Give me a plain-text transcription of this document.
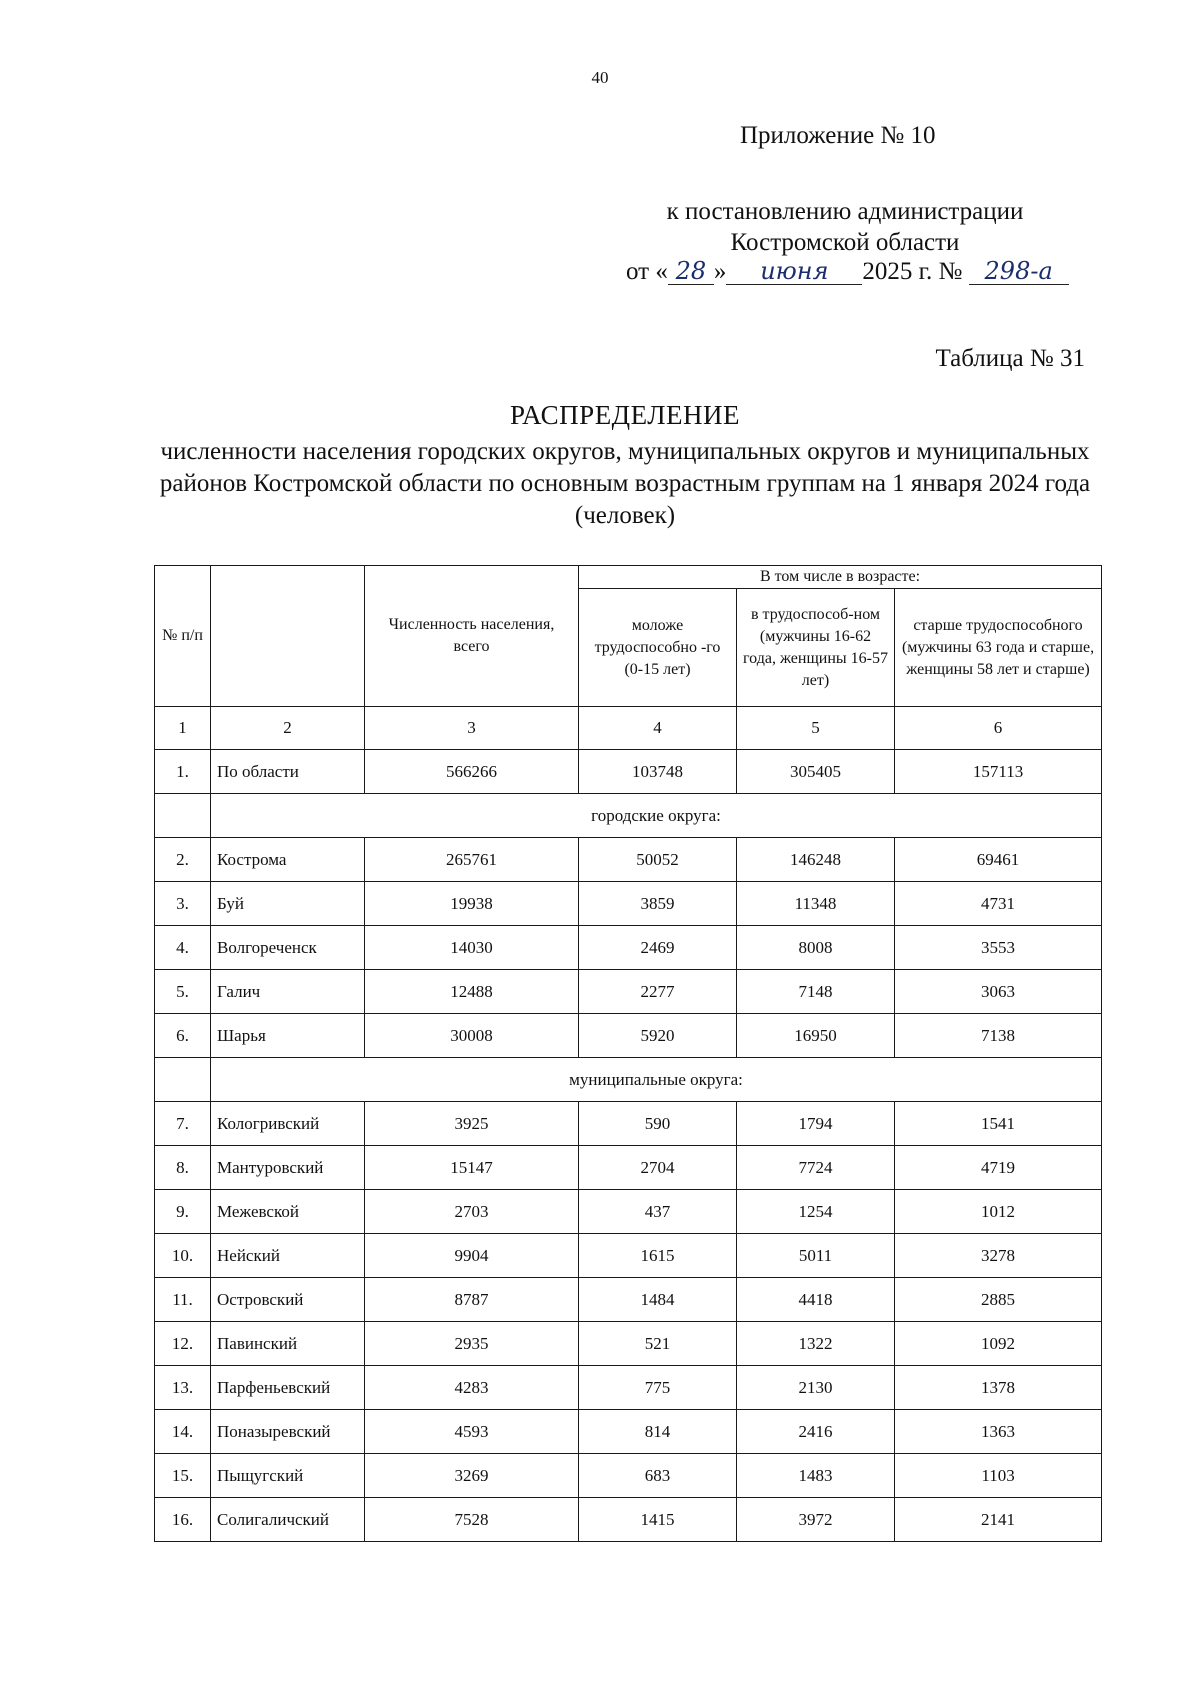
40
Приложение № 10
к постановлению администрации
Костромской области
от « 28 » июня 2025 г. № 298-а
Таблица № 31
РАСПРЕДЕЛЕНИЕ
численности населения городских округов, муниципальных округов и муниципальных районов Костромской области по основным возрастным группам на 1 января 2024 года (человек)
№ п/п		Численность населения, всего	В том числе в возрасте:		
			моложе трудоспособно -го (0-15 лет)	в трудоспособ-ном (мужчины 16-62 года, женщины 16-57 лет)	старше трудоспособного (мужчины 63 года и старше, женщины 58 лет и старше)
1	2	3	4	5	6
1.	По области	566266	103748	305405	157113
	городские округа:				
2.	Кострома	265761	50052	146248	69461
3.	Буй	19938	3859	11348	4731
4.	Волгореченск	14030	2469	8008	3553
5.	Галич	12488	2277	7148	3063
6.	Шарья	30008	5920	16950	7138
	муниципальные округа:				
7.	Кологривский	3925	590	1794	1541
8.	Мантуровский	15147	2704	7724	4719
9.	Межевской	2703	437	1254	1012
10.	Нейский	9904	1615	5011	3278
11.	Островский	8787	1484	4418	2885
12.	Павинский	2935	521	1322	1092
13.	Парфеньевский	4283	775	2130	1378
14.	Поназыревский	4593	814	2416	1363
15.	Пыщугский	3269	683	1483	1103
16.	Солигаличский	7528	1415	3972	2141
